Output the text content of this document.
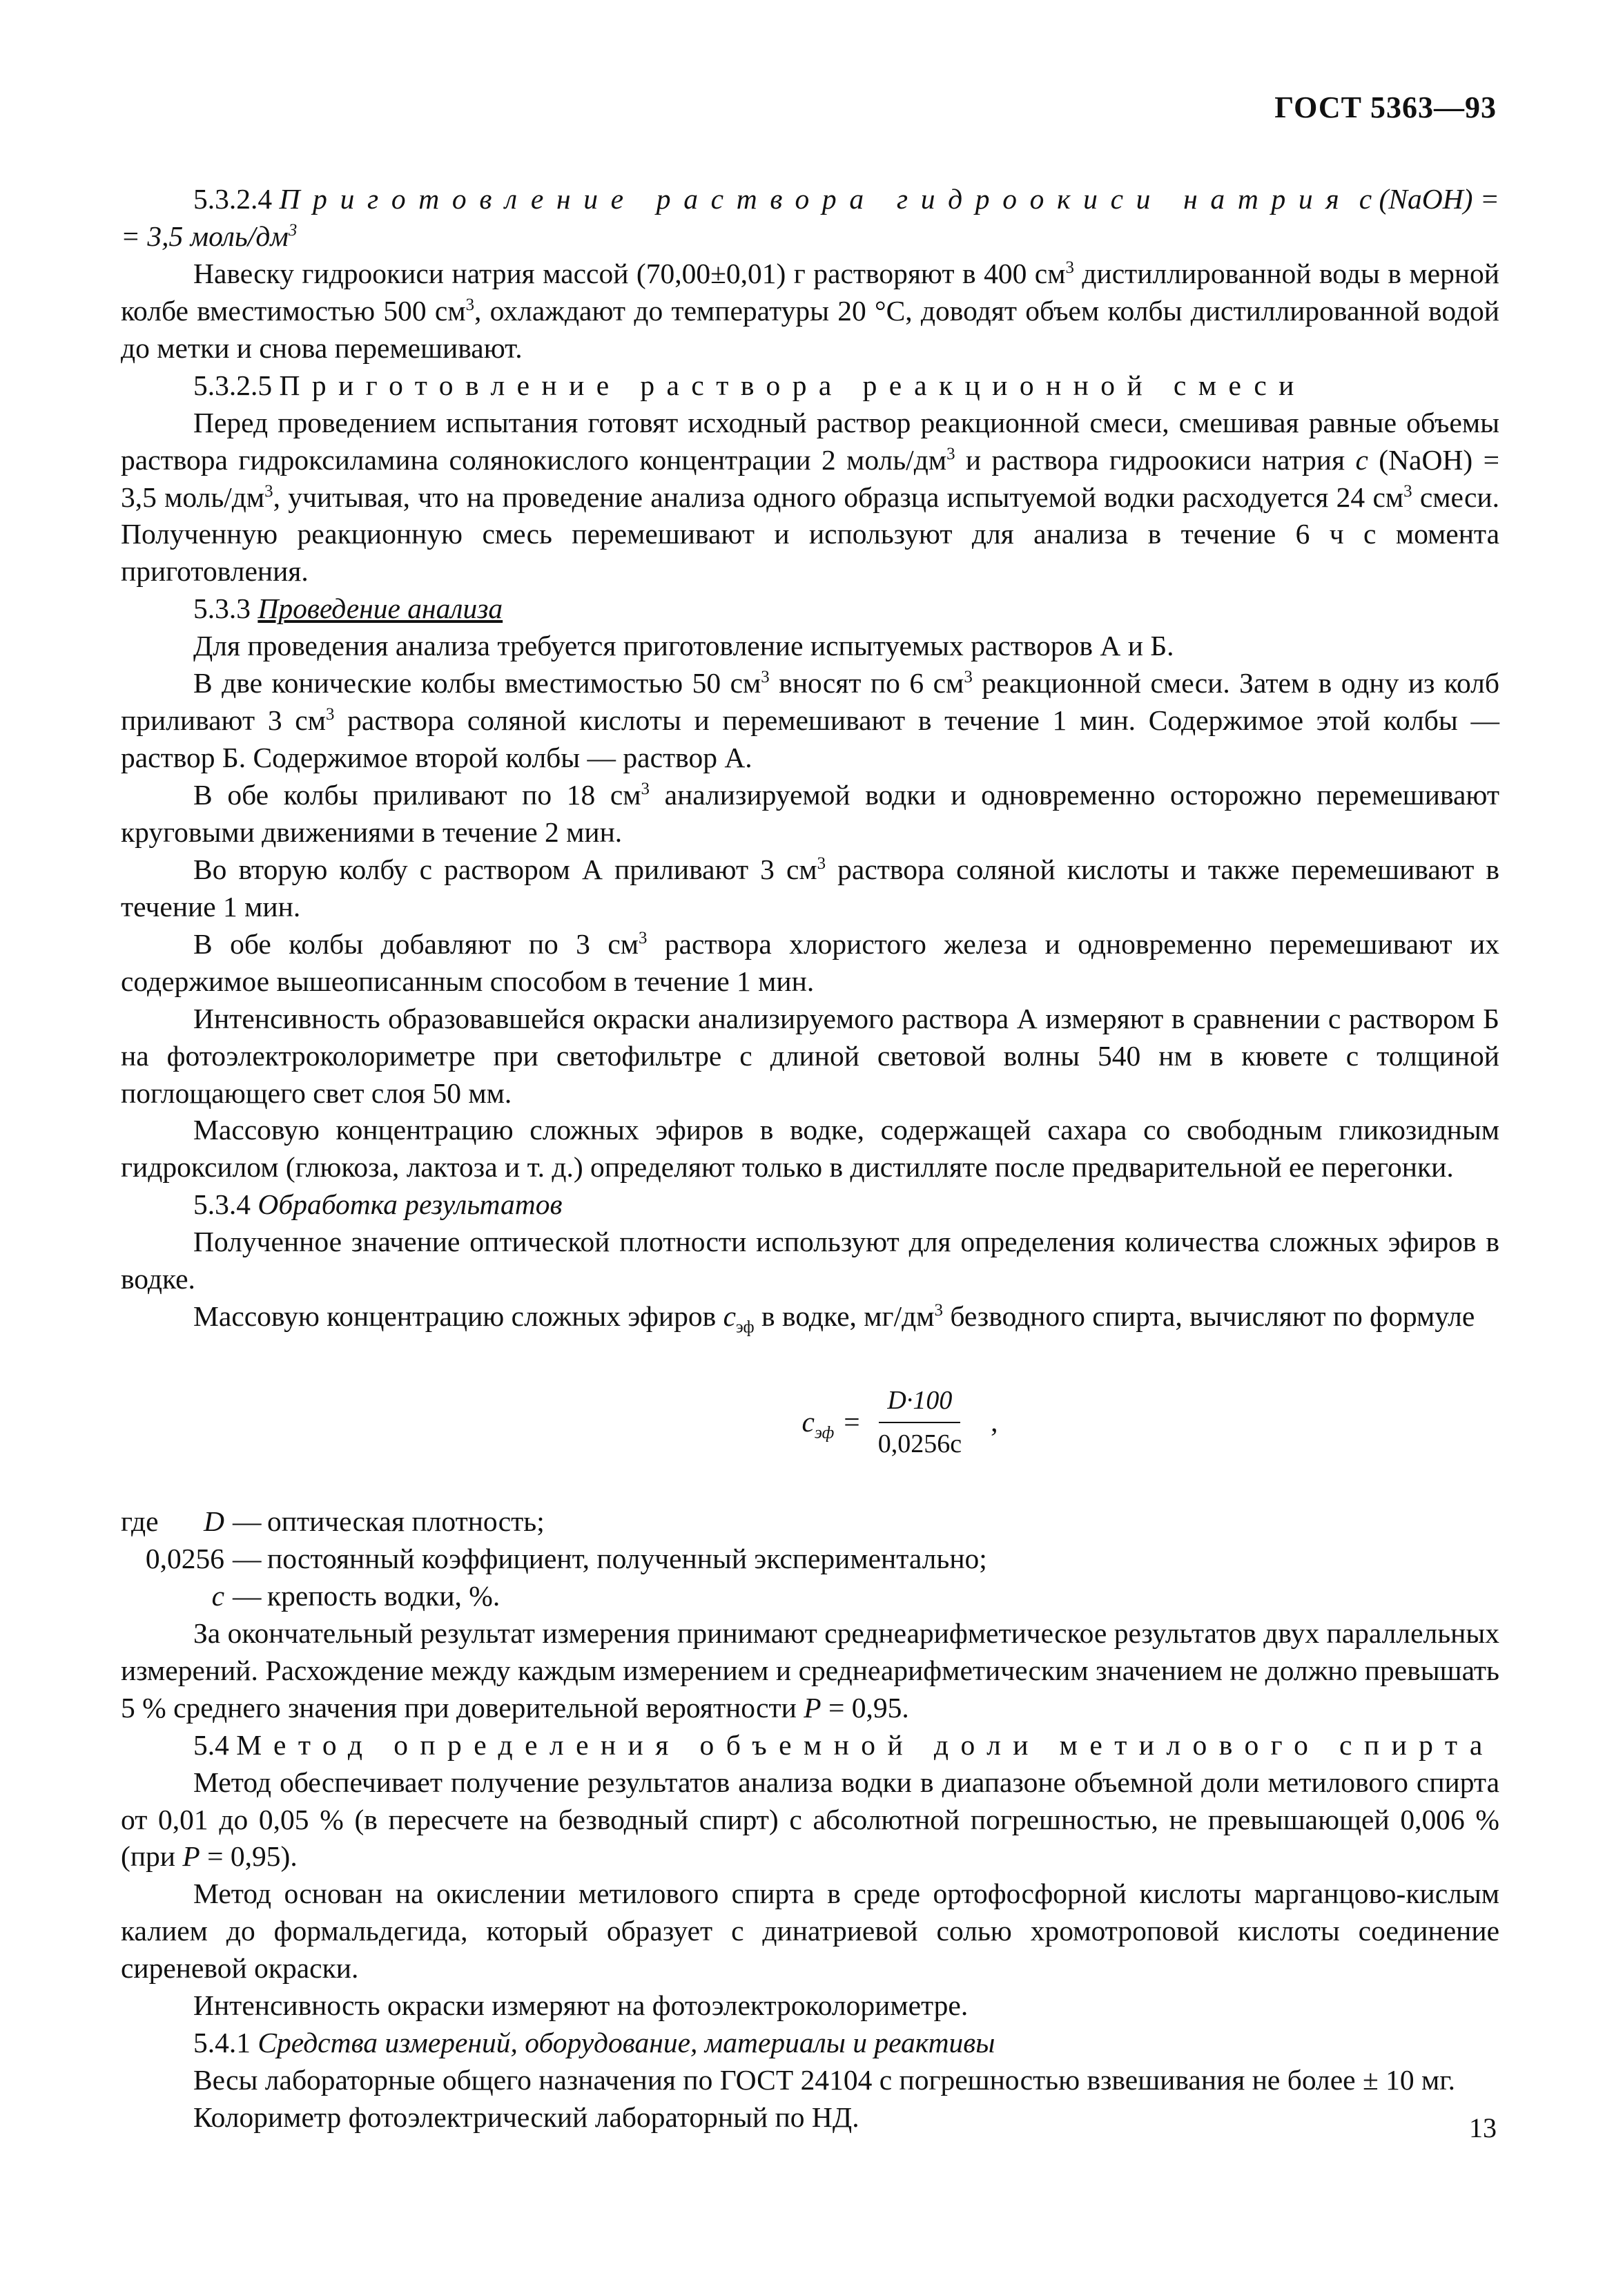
ГОСТ 5363—93

5.3.2.4 Приготовление раствора гидроокиси натрия c (NaOH) =

= 3,5 моль/$дм^3$

Навеску гидроокиси натрия массой (70,00±0,01) г растворяют в 400 $см^3$ дистиллированной воды в мерной колбе вместимостью 500 $см^3$, охлаждают до температуры 20 °С, доводят объем колбы дистиллированной водой до метки и снова перемешивают.

5.3.2.5 Приготовление раствора реакционной смеси

Перед проведением испытания готовят исходный раствор реакционной смеси, смешивая равные объемы раствора гидроксиламина солянокислого концентрации 2 моль/$дм^3$ и раствора гидроокиси натрия с (NaOH) = 3,5 моль/$дм^3$, учитывая, что на проведение анализа одного образца испытуемой водки расходуется 24 $см^3$ смеси. Полученную реакционную смесь перемешивают и используют для анализа в течение 6 ч с момента приготовления.

5.3.3 Проведение анализа

Для проведения анализа требуется приготовление испытуемых растворов А и Б.

В две конические колбы вместимостью 50 $см^3$ вносят по 6 $см^3$ реакционной смеси. Затем в одну из колб приливают 3 $см^3$ раствора соляной кислоты и перемешивают в течение 1 мин. Содержимое этой колбы — раствор Б. Содержимое второй колбы — раствор А.

В обе колбы приливают по 18 $см^3$ анализируемой водки и одновременно осторожно перемешивают круговыми движениями в течение 2 мин.

Во вторую колбу с раствором А приливают 3 $см^3$ раствора соляной кислоты и также перемешивают в течение 1 мин.

В обе колбы добавляют по 3 $см^3$ раствора хлористого железа и одновременно перемешивают их содержимое вышеописанным способом в течение 1 мин.

Интенсивность образовавшейся окраски анализируемого раствора А измеряют в сравнении с раствором Б на фотоэлектроколориметре при светофильтре с длиной световой волны 540 нм в кювете с толщиной поглощающего свет слоя 50 мм.

Массовую концентрацию сложных эфиров в водке, содержащей сахара со свободным гликозидным гидроксилом (глюкоза, лактоза и т. д.) определяют только в дистилляте после предварительной ее перегонки.

5.3.4 Обработка результатов

Полученное значение оптической плотности используют для определения количества сложных эфиров в водке.

Массовую концентрацию сложных эфиров $с_{эф}$ в водке, $мг/дм^3$ безводного спирта, вычисляют по формуле

$c_{эф} = \frac{D\cdot 100}{0,0256c}$ ,
где	D — оптическая плотность;
0,0256 — постоянный коэффициент, полученный экспериментально;
c — крепость водки, %.

За окончательный результат измерения принимают среднеарифметическое результатов двух параллельных измерений. Расхождение между каждым измерением и среднеарифметическим значением не должно превышать 5 % среднего значения при доверительной вероятности Р = 0,95.

5.4 Метод определения объемной доли метилового спирта

Метод обеспечивает получение результатов анализа водки в диапазоне объемной доли метилового спирта от 0,01 до 0,05 % (в пересчете на безводный спирт) с абсолютной погрешностью, не превышающей 0,006 % (при Р = 0,95).

Метод основан на окислении метилового спирта в среде ортофосфорной кислоты марганцово-кислым калием до формальдегида, который образует с динатриевой солью хромотроповой кислоты соединение сиреневой окраски.

Интенсивность окраски измеряют на фотоэлектроколориметре.

5.4.1 Средства измерений, оборудование, материалы и реактивы

Весы лабораторные общего назначения по ГОСТ 24104 с погрешностью взвешивания не более ± 10 мг.

Колориметр фотоэлектрический лабораторный по НД.	13
